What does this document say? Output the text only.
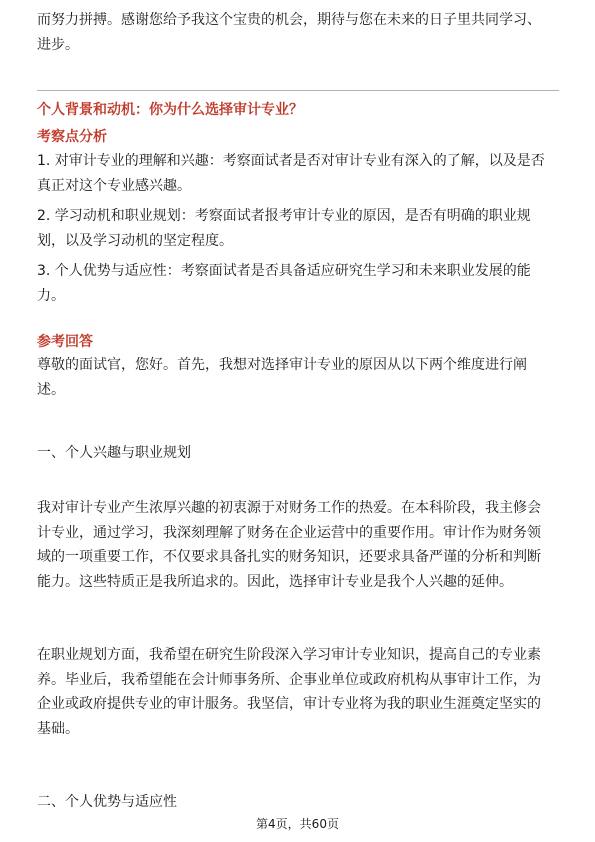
而努力拼搏。感谢您给予我这个宝贵的机会，期待与您在未来的日子里共同学习、
进步。

个人背景和动机：你为什么选择审计专业？
考察点分析

1. 对审计专业的理解和兴趣：考察面试者是否对审计专业有深入的了解，以及是否
真正对这个专业感兴趣。

2. 学习动机和职业规划：考察面试者报考审计专业的原因，是否有明确的职业规
划，以及学习动机的坚定程度。

3. 个人优势与适应性：考察面试者是否具备适应研究生学习和未来职业发展的能
力。

参考回答

尊敬的面试官，您好。首先，我想对选择审计专业的原因从以下两个维度进行阐
述。

一、个人兴趣与职业规划

我对审计专业产生浓厚兴趣的初衷源于对财务工作的热爱。在本科阶段，我主修会
计专业，通过学习，我深刻理解了财务在企业运营中的重要作用。审计作为财务领
域的一项重要工作，不仅要求具备扎实的财务知识，还要求具备严谨的分析和判断
能力。这些特质正是我所追求的。因此，选择审计专业是我个人兴趣的延伸。

在职业规划方面，我希望在研究生阶段深入学习审计专业知识，提高自己的专业素
养。毕业后，我希望能在会计师事务所、企事业单位或政府机构从事审计工作，为
企业或政府提供专业的审计服务。我坚信，审计专业将为我的职业生涯奠定坚实的
基础。

二、个人优势与适应性
第4页，共60页
